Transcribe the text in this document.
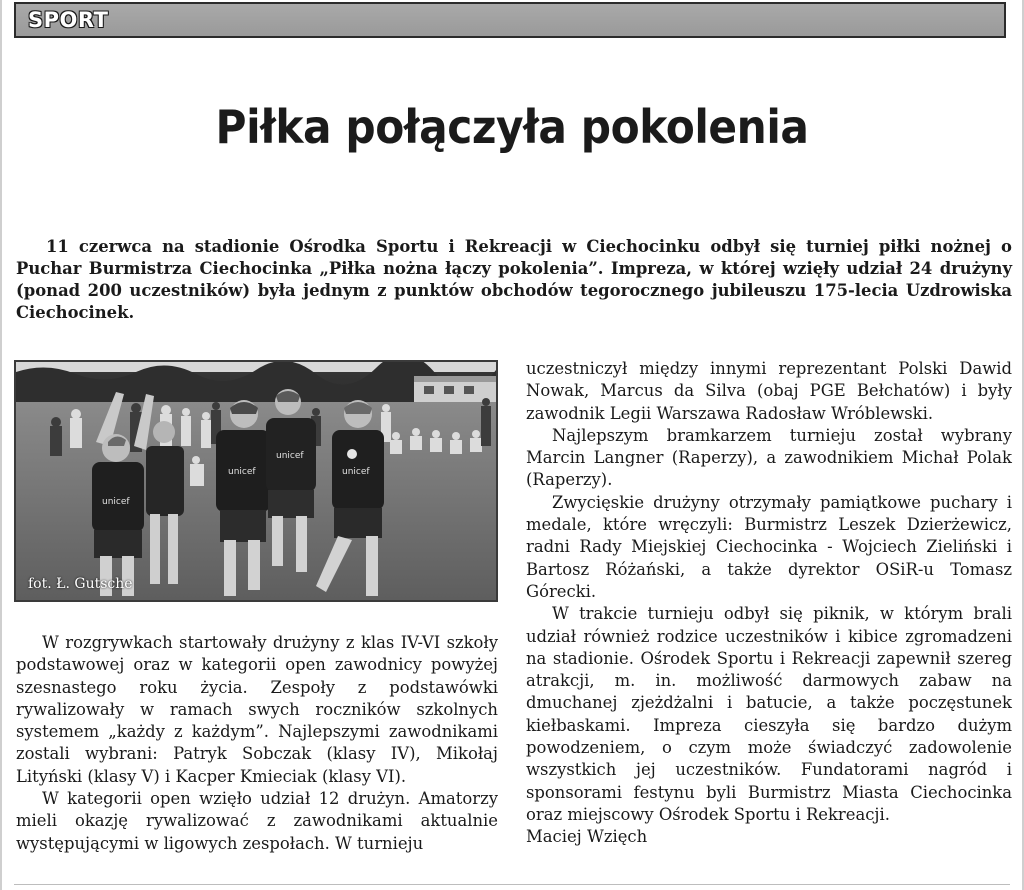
SPORT
Piłka połączyła pokolenia

11 czerwca na stadionie Ośrodka Sportu i Rekreacji w Ciechocinku odbył się turniej piłki nożnej o Puchar Burmistrza Ciechocinka „Piłka nożna łączy pokolenia”. Impreza, w której wzięły udział 24 drużyny (ponad 200 uczestników) była jednym z punktów obchodów tegorocznego jubileuszu 175-lecia Uzdrowiska Ciechocinek.

unicef
unicef
unicef
unicef
fot. Ł. Gutsche

W rozgrywkach startowały drużyny z klas IV-VI szkoły podstawowej oraz w kategorii open zawodnicy powyżej szesnastego roku życia. Zespoły z podstawówki rywalizowały w ramach swych roczników szkolnych systemem „każdy z każdym”. Najlepszymi zawodnikami zostali wybrani: Patryk Sobczak (klasy IV), Mikołaj Lityński (klasy V) i Kacper Kmieciak (klasy VI).

W kategorii open wzięło udział 12 drużyn. Amatorzy mieli okazję rywalizować z zawodnikami aktualnie występującymi w ligowych zespołach. W turnieju

uczestniczył między innymi reprezentant Polski Dawid Nowak, Marcus da Silva (obaj PGE Bełchatów) i były zawodnik Legii Warszawa Radosław Wróblewski.

Najlepszym bramkarzem turnieju został wybrany Marcin Langner (Raperzy), a zawodnikiem Michał Polak (Raperzy).

Zwycięskie drużyny otrzymały pamiątkowe puchary i medale, które wręczyli: Burmistrz Leszek Dzierżewicz, radni Rady Miejskiej Ciechocinka - Wojciech Zieliński i Bartosz Różański, a także dyrektor OSiR-u Tomasz Górecki.

W trakcie turnieju odbył się piknik, w którym brali udział również rodzice uczestników i kibice zgromadzeni na stadionie. Ośrodek Sportu i Rekreacji zapewnił szereg atrakcji, m. in. możliwość darmowych zabaw na dmuchanej zjeżdżalni i batucie, a także poczęstunek kiełbaskami. Impreza cieszyła się bardzo dużym powodzeniem, o czym może świadczyć zadowolenie wszystkich jej uczestników. Fundatorami nagród i sponsorami festynu byli Burmistrz Miasta Ciechocinka oraz miejscowy Ośrodek Sportu i Rekreacji.

Maciej Wzięch
